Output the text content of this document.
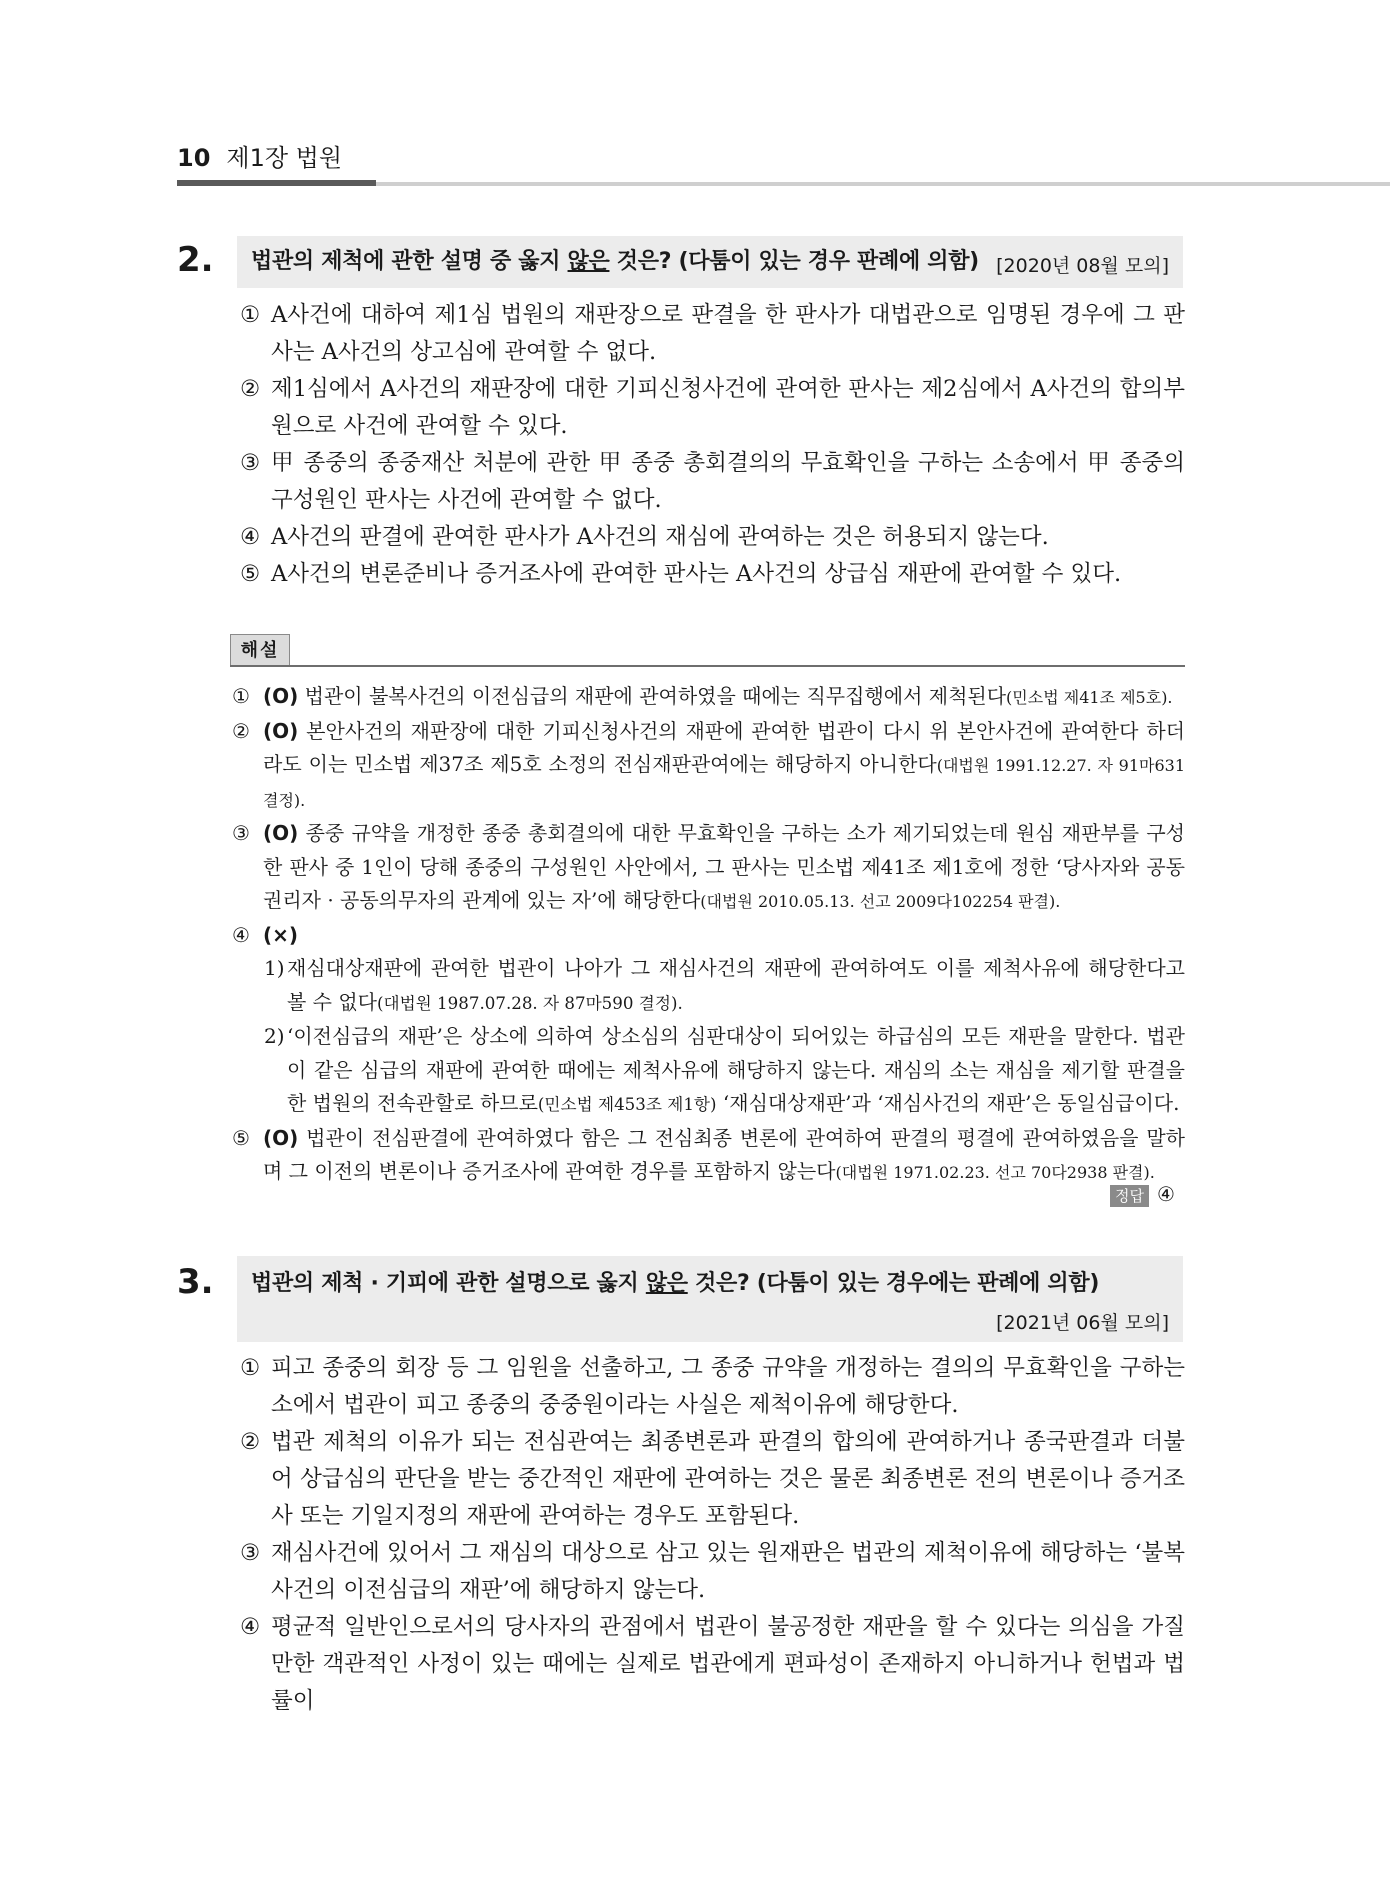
10 제1장 법원
2. 법관의 제척에 관한 설명 중 옳지 않은 것은? (다툼이 있는 경우 판례에 의함) [2020년 08월 모의]
① A사건에 대하여 제1심 법원의 재판장으로 판결을 한 판사가 대법관으로 임명된 경우에 그 판사는 A사건의 상고심에 관여할 수 없다.
② 제1심에서 A사건의 재판장에 대한 기피신청사건에 관여한 판사는 제2심에서 A사건의 합의부원으로 사건에 관여할 수 있다.
③ 甲 종중의 종중재산 처분에 관한 甲 종중 총회결의의 무효확인을 구하는 소송에서 甲 종중의 구성원인 판사는 사건에 관여할 수 없다.
④ A사건의 판결에 관여한 판사가 A사건의 재심에 관여하는 것은 허용되지 않는다.
⑤ A사건의 변론준비나 증거조사에 관여한 판사는 A사건의 상급심 재판에 관여할 수 있다.
해설
① (O) 법관이 불복사건의 이전심급의 재판에 관여하였을 때에는 직무집행에서 제척된다(민소법 제41조 제5호).
② (O) 본안사건의 재판장에 대한 기피신청사건의 재판에 관여한 법관이 다시 위 본안사건에 관여한다 하더라도 이는 민소법 제37조 제5호 소정의 전심재판관여에는 해당하지 아니한다(대법원 1991.12.27. 자 91마631 결정).
③ (O) 종중 규약을 개정한 종중 총회결의에 대한 무효확인을 구하는 소가 제기되었는데 원심 재판부를 구성한 판사 중 1인이 당해 종중의 구성원인 사안에서, 그 판사는 민소법 제41조 제1호에 정한 ‘당사자와 공동권리자 · 공동의무자의 관계에 있는 자’에 해당한다(대법원 2010.05.13. 선고 2009다102254 판결).
④ (×)
1) 재심대상재판에 관여한 법관이 나아가 그 재심사건의 재판에 관여하여도 이를 제척사유에 해당한다고 볼 수 없다(대법원 1987.07.28. 자 87마590 결정).
2) ‘이전심급의 재판’은 상소에 의하여 상소심의 심판대상이 되어있는 하급심의 모든 재판을 말한다. 법관이 같은 심급의 재판에 관여한 때에는 제척사유에 해당하지 않는다. 재심의 소는 재심을 제기할 판결을 한 법원의 전속관할로 하므로(민소법 제453조 제1항) ‘재심대상재판’과 ‘재심사건의 재판’은 동일심급이다.
⑤ (O) 법관이 전심판결에 관여하였다 함은 그 전심최종 변론에 관여하여 판결의 평결에 관여하였음을 말하며 그 이전의 변론이나 증거조사에 관여한 경우를 포함하지 않는다(대법원 1971.02.23. 선고 70다2938 판결).
정답 ④
3. 법관의 제척 · 기피에 관한 설명으로 옳지 않은 것은? (다툼이 있는 경우에는 판례에 의함)
[2021년 06월 모의]
① 피고 종중의 회장 등 그 임원을 선출하고, 그 종중 규약을 개정하는 결의의 무효확인을 구하는 소에서 법관이 피고 종중의 중중원이라는 사실은 제척이유에 해당한다.
② 법관 제척의 이유가 되는 전심관여는 최종변론과 판결의 합의에 관여하거나 종국판결과 더불어 상급심의 판단을 받는 중간적인 재판에 관여하는 것은 물론 최종변론 전의 변론이나 증거조사 또는 기일지정의 재판에 관여하는 경우도 포함된다.
③ 재심사건에 있어서 그 재심의 대상으로 삼고 있는 원재판은 법관의 제척이유에 해당하는 ‘불복사건의 이전심급의 재판’에 해당하지 않는다.
④ 평균적 일반인으로서의 당사자의 관점에서 법관이 불공정한 재판을 할 수 있다는 의심을 가질 만한 객관적인 사정이 있는 때에는 실제로 법관에게 편파성이 존재하지 아니하거나 헌법과 법률이
